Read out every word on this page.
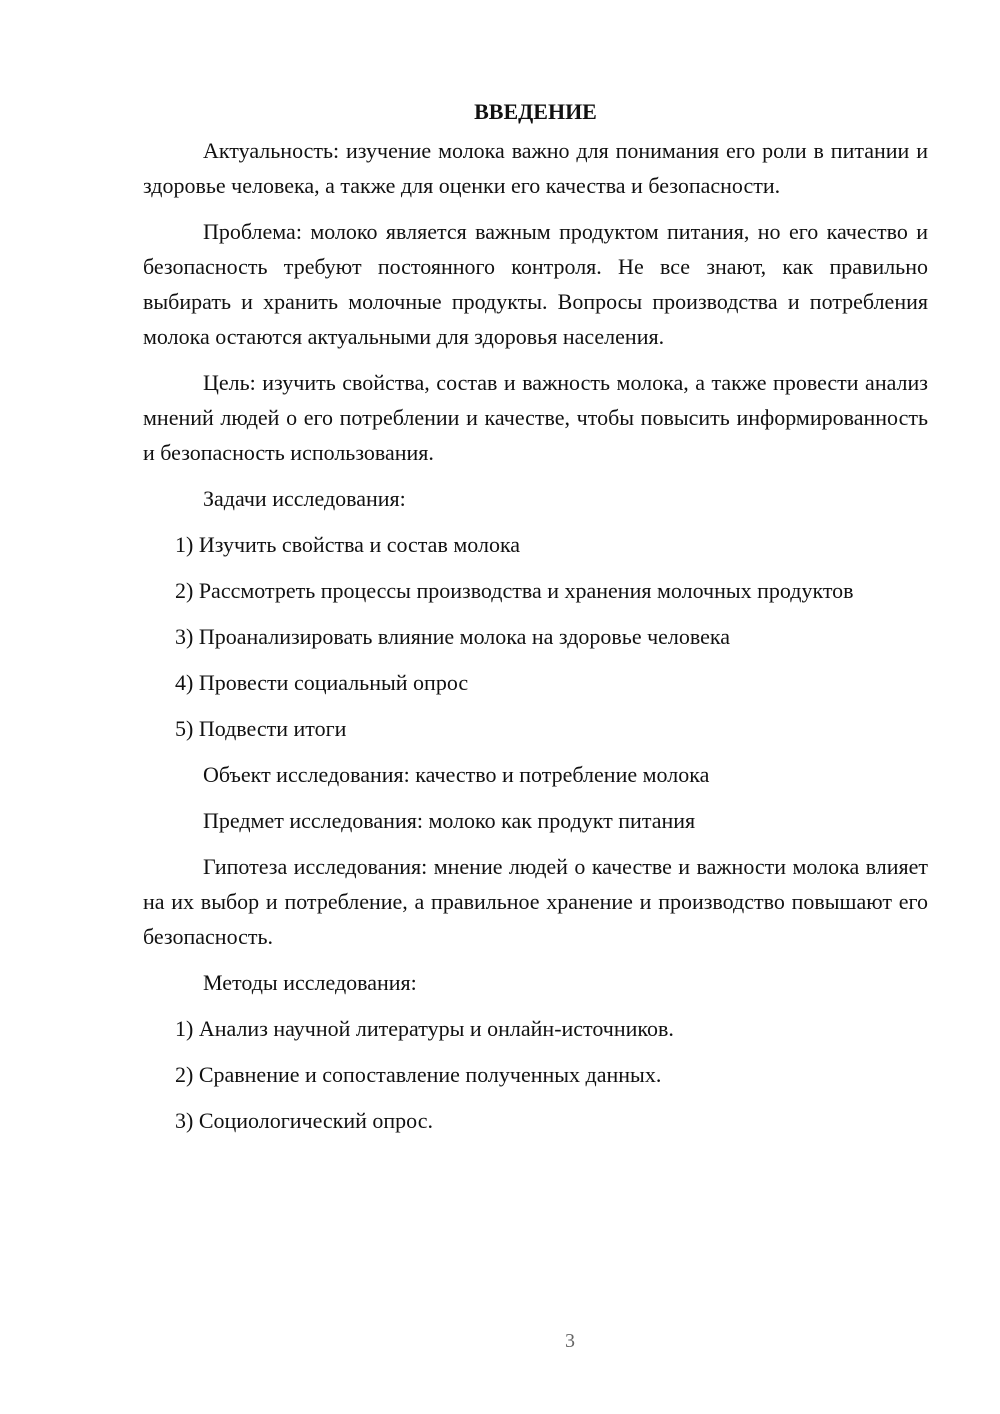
ВВЕДЕНИЕ

Актуальность: изучение молока важно для понимания его роли в питании и здоровье человека, а также для оценки его качества и безопасности.

Проблема: молоко является важным продуктом питания, но его качество и безопасность требуют постоянного контроля. Не все знают, как правильно выбирать и хранить молочные продукты. Вопросы производства и потребления молока остаются актуальными для здоровья населения.

Цель: изучить свойства, состав и важность молока, а также провести анализ мнений людей о его потреблении и качестве, чтобы повысить информированность и безопасность использования.

Задачи исследования:

1) Изучить свойства и состав молока

2) Рассмотреть процессы производства и хранения молочных продуктов

3) Проанализировать влияние молока на здоровье человека

4) Провести социальный опрос

5) Подвести итоги

Объект исследования: качество и потребление молока

Предмет исследования: молоко как продукт питания

Гипотеза исследования: мнение людей о качестве и важности молока влияет на их выбор и потребление, а правильное хранение и производство повышают его безопасность.

Методы исследования:

1) Анализ научной литературы и онлайн-источников.

2) Сравнение и сопоставление полученных данных.

3) Социологический опрос.

3
